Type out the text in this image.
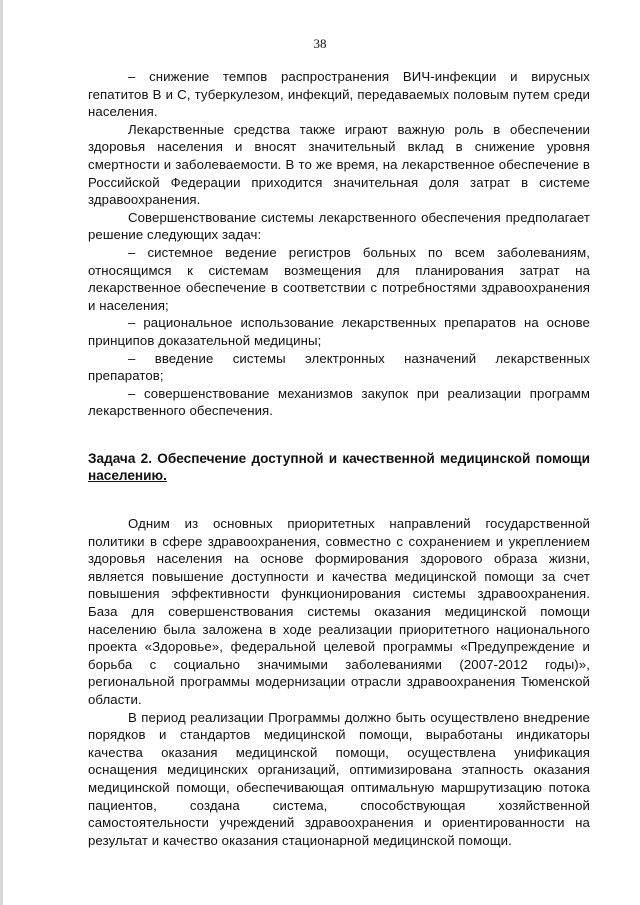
38

– снижение темпов распространения ВИЧ-инфекции и вирусных гепатитов В и С, туберкулезом, инфекций, передаваемых половым путем среди населения.

Лекарственные средства также играют важную роль в обеспечении здоровья населения и вносят значительный вклад в снижение уровня смертности и заболеваемости. В то же время, на лекарственное обеспечение в Российской Федерации приходится значительная доля затрат в системе здравоохранения.

Совершенствование системы лекарственного обеспечения предполагает решение следующих задач:

– системное ведение регистров больных по всем заболеваниям, относящимся к системам возмещения для планирования затрат на лекарственное обеспечение в соответствии с потребностями здравоохранения и населения;

– рациональное использование лекарственных препаратов на основе принципов доказательной медицины;

– введение системы электронных назначений лекарственных препаратов;

– совершенствование механизмов закупок при реализации программ лекарственного обеспечения.

Задача 2. Обеспечение доступной и качественной медицинской помощи населению.

Одним из основных приоритетных направлений государственной политики в сфере здравоохранения, совместно с сохранением и укреплением здоровья населения на основе формирования здорового образа жизни, является повышение доступности и качества медицинской помощи за счет повышения эффективности функционирования системы здравоохранения. База для совершенствования системы оказания медицинской помощи населению была заложена в ходе реализации приоритетного национального проекта «Здоровье», федеральной целевой программы «Предупреждение и борьба с социально значимыми заболеваниями (2007-2012 годы)», региональной программы модернизации отрасли здравоохранения Тюменской области.

В период реализации Программы должно быть осуществлено внедрение порядков и стандартов медицинской помощи, выработаны индикаторы качества оказания медицинской помощи, осуществлена унификация оснащения медицинских организаций, оптимизирована этапность оказания медицинской помощи, обеспечивающая оптимальную маршрутизацию потока пациентов, создана система, способствующая хозяйственной самостоятельности учреждений здравоохранения и ориентированности на результат и качество оказания стационарной медицинской помощи.
